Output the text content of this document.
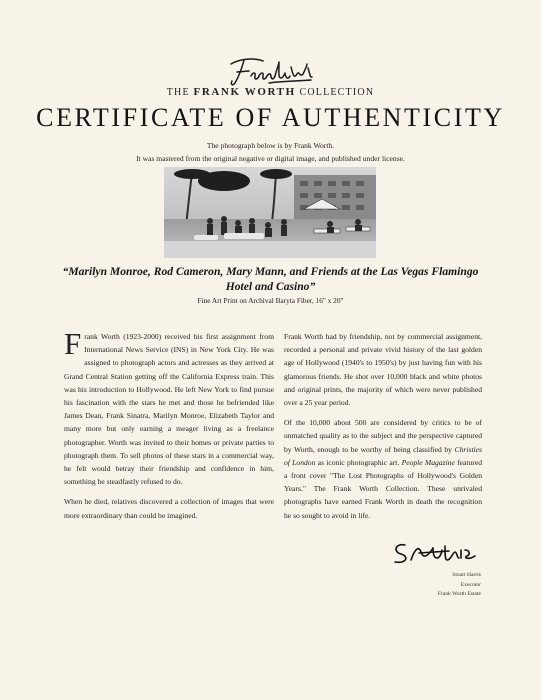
THE FRANK WORTH COLLECTION
CERTIFICATE OF AUTHENTICITY
The photograph below is by Frank Worth.
It was mastered from the original negative or digital image, and published under license.
“Marilyn Monroe, Rod Cameron, Mary Mann, and Friends at the Las Vegas Flamingo Hotel and Casino”
Fine Art Print on Archival Baryta Fiber, 16" x 20"

Frank Worth (1923-2000) received his first assignment from International News Service (INS) in New York City. He was assigned to photograph actors and actresses as they arrived at Grand Central Station getting off the California Express train. This was his introduction to Hollywood. He left New York to find pursue his fascination with the stars he met and those he befriended like James Dean, Frank Sinatra, Marilyn Monroe, Elizabeth Taylor and many more but only earning a meager living as a freelance photographer. Worth was invited to their homes or private parties to photograph them. To sell photos of these stars in a commercial way, he felt would betray their friendship and confidence in him, something he steadfastly refused to do.

When he died, relatives discovered a collection of images that were more extraordinary than could be imagined.

Frank Worth had by friendship, not by commercial assignment, recorded a personal and private vivid history of the last golden age of Hollywood (1940's to 1950's) by just having fun with his glamorous friends. He shot over 10,000 black and white photos and original prints, the majority of which were never published over a 25 year period.

Of the 10,000 about 500 are considered by critics to be of unmatched quality as to the subject and the perspective captured by Worth, enough to be worthy of being classified by Christies of London as iconic photographic art. People Magazine featured a front cover "The Lost Photographs of Hollywood's Golden Years." The Frank Worth Collection. These unrivaled photographs have earned Frank Worth in death the recognition he so sought to avoid in life.

Stuart Harris
Executor
Frank Worth Estate
